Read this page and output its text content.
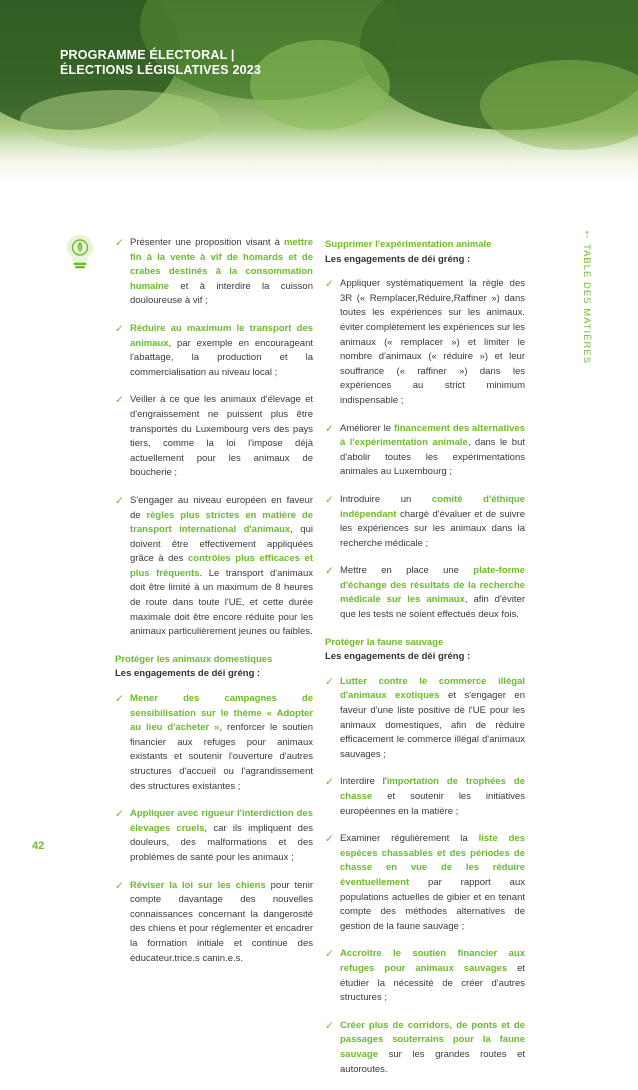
PROGRAMME ÉLECTORAL |
ÉLECTIONS LÉGISLATIVES 2023
✓ Présenter une proposition visant à mettre fin à la vente à vif de homards et de crabes destinés à la consommation humaine et à interdire la cuisson douloureuse à vif ;
✓ Réduire au maximum le transport des animaux, par exemple en encourageant l'abattage, la production et la commercialisation au niveau local ;
✓ Veiller à ce que les animaux d'élevage et d'engraissement ne puissent plus être transportés du Luxembourg vers des pays tiers, comme la loi l'impose déjà actuellement pour les animaux de boucherie ;
✓ S'engager au niveau européen en faveur de règles plus strictes en matière de transport international d'animaux, qui doivent être effectivement appliquées grâce à des contrôles plus efficaces et plus fréquents. Le transport d'animaux doit être limité à un maximum de 8 heures de route dans toute l'UE, et cette durée maximale doit être encore réduite pour les animaux particulièrement jeunes ou faibles.
Protéger les animaux domestiques
Les engagements de déi gréng :
✓ Mener des campagnes de sensibilisation sur le thème « Adopter au lieu d'acheter », renforcer le soutien financier aux refuges pour animaux existants et soutenir l'ouverture d'autres structures d'accueil ou l'agrandissement des structures existantes ;
✓ Appliquer avec rigueur l'interdiction des élevages cruels, car ils impliquent des douleurs, des malformations et des problèmes de santé pour les animaux ;
✓ Réviser la loi sur les chiens pour tenir compte davantage des nouvelles connaissances concernant la dangerosité des chiens et pour réglementer et encadrer la formation initiale et continue des éducateur.trice.s canin.e.s.
Supprimer l'expérimentation animale
Les engagements de déi gréng :
✓ Appliquer systématiquement la règle des 3R (« Remplacer,Réduire,Raffiner ») dans toutes les expériences sur les animaux. éviter complètement les expériences sur les animaux (« remplacer ») et limiter le nombre d'animaux (« réduire ») et leur souffrance (« raffiner ») dans les expériences au strict minimum indispensable ;
✓ Améliorer le financement des alternatives à l'expérimentation animale, dans le but d'abolir toutes les expérimentations animales au Luxembourg ;
✓ Introduire un comité d'éthique indépendant chargé d'évaluer et de suivre les expériences sur les animaux dans la recherche médicale ;
✓ Mettre en place une plate-forme d'échange des résultats de la recherche médicale sur les animaux, afin d'éviter que les tests ne soient effectués deux fois.
Protéger la faune sauvage
Les engagements de déi gréng :
✓ Lutter contre le commerce illégal d'animaux exotiques et s'engager en faveur d'une liste positive de l'UE pour les animaux domestiques, afin de réduire efficacement le commerce illégal d'animaux sauvages ;
✓ Interdire l'importation de trophées de chasse et soutenir les initiatives européennes en la matière ;
✓ Examiner régulièrement la liste des espèces chassables et des périodes de chasse en vue de les réduire éventuellement par rapport aux populations actuelles de gibier et en tenant compte des méthodes alternatives de gestion de la faune sauvage ;
✓ Accroître le soutien financier aux refuges pour animaux sauvages et étudier la nécessité de créer d'autres structures ;
✓ Créer plus de corridors, de ponts et de passages souterrains pour la faune sauvage sur les grandes routes et autoroutes.
↑
TABLE DES MATIÈRES
42
